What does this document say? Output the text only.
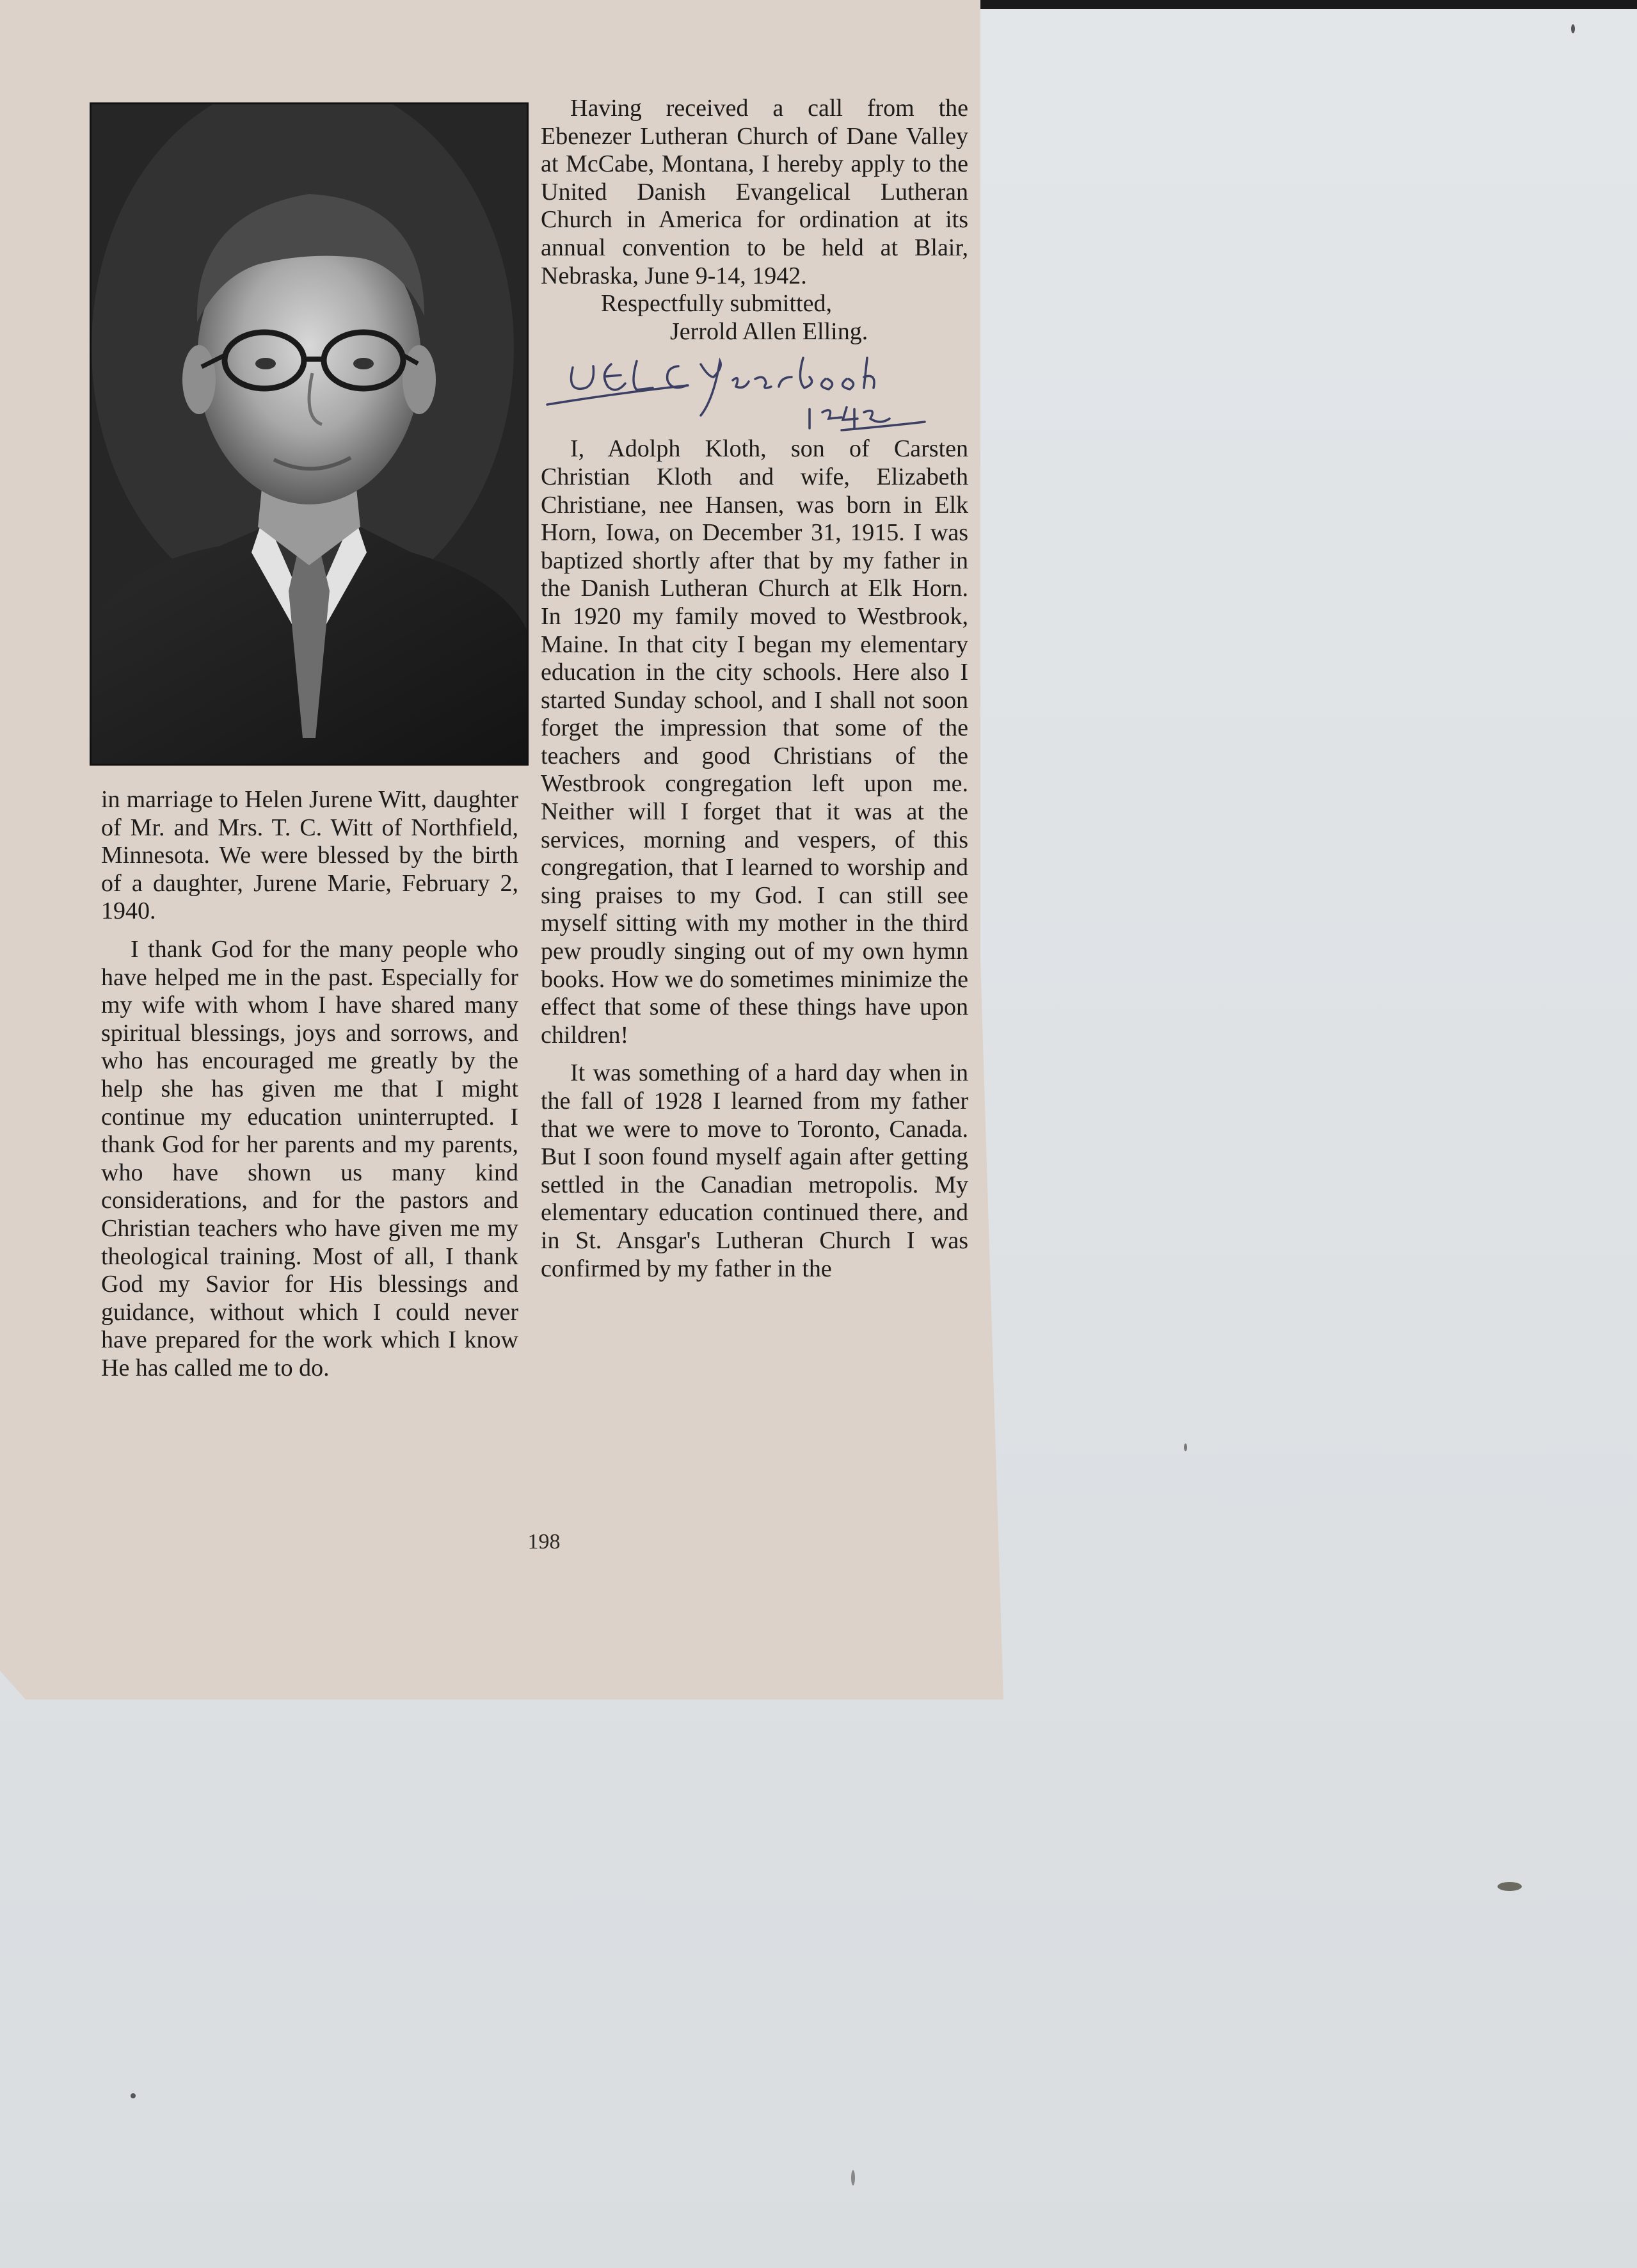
Having received a call from the Ebenezer Lutheran Church of Dane Valley at McCabe, Montana, I hereby apply to the United Danish Evangelical Lutheran Church in America for ordination at its annual convention to be held at Blair, Nebraska, June 9-14, 1942.

Respectfully submitted,

Jerrold Allen Elling.

I, Adolph Kloth, son of Carsten Christian Kloth and wife, Elizabeth Christiane, nee Hansen, was born in Elk Horn, Iowa, on December 31, 1915. I was baptized shortly after that by my father in the Danish Lutheran Church at Elk Horn. In 1920 my family moved to Westbrook, Maine. In that city I began my elementary education in the city schools. Here also I started Sunday school, and I shall not soon forget the impression that some of the teachers and good Christians of the Westbrook congregation left upon me. Neither will I forget that it was at the services, morning and vespers, of this congregation, that I learned to worship and sing praises to my God. I can still see myself sitting with my mother in the third pew proudly singing out of my own hymn books. How we do sometimes minimize the effect that some of these things have upon children!

It was something of a hard day when in the fall of 1928 I learned from my father that we were to move to Toronto, Canada. But I soon found myself again after getting settled in the Canadian metropolis. My elementary education continued there, and in St. Ansgar's Lutheran Church I was confirmed by my father in the

in marriage to Helen Jurene Witt, daughter of Mr. and Mrs. T. C. Witt of Northfield, Minnesota. We were blessed by the birth of a daughter, Jurene Marie, February 2, 1940.

I thank God for the many people who have helped me in the past. Especially for my wife with whom I have shared many spiritual blessings, joys and sorrows, and who has encouraged me greatly by the help she has given me that I might continue my education uninterrupted. I thank God for her parents and my parents, who have shown us many kind considerations, and for the pastors and Christian teachers who have given me my theological training. Most of all, I thank God my Savior for His blessings and guidance, without which I could never have prepared for the work which I know He has called me to do.

198
